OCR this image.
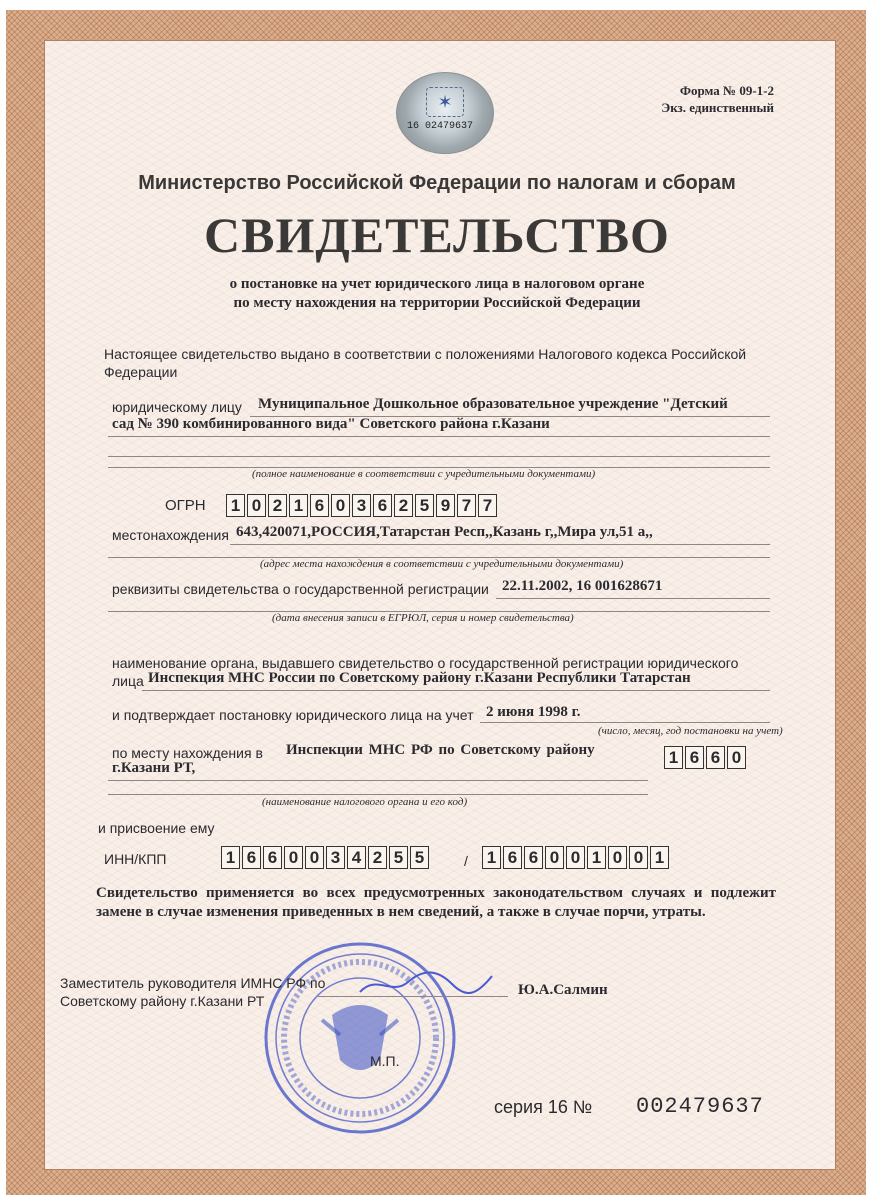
✶
16 02479637
Форма № 09-1-2
Экз. единственный
Министерство Российской Федерации по налогам и сборам
СВИДЕТЕЛЬСТВО
о постановке на учет юридического лица в налоговом органе
по месту нахождения на территории Российской Федерации
Настоящее свидетельство выдано в соответствии с положениями Налогового кодекса Российской
Федерации
юридическому лицу Муниципальное Дошкольное образовательное учреждение "Детский
сад № 390 комбинированного вида" Советского района г.Казани
(полное наименование в соответствии с учредительными документами)
ОГРН 1 0 2 1 6 0 3 6 2 5 9 7 7
местонахождения 643,420071,РОССИЯ,Татарстан Респ,,Казань г,,Мира ул,51 а,,
(адрес места нахождения в соответствии с учредительными документами)
реквизиты свидетельства о государственной регистрации 22.11.2002, 16 001628671
(дата внесения записи в ЕГРЮЛ, серия и номер свидетельства)
наименование органа, выдавшего свидетельство о государственной регистрации юридического
лица Инспекция МНС России по Советскому району г.Казани Республики Татарстан
и подтверждает постановку юридического лица на учет 2 июня 1998 г.
(число, месяц, год постановки на учет)
по месту нахождения в Инспекции МНС РФ по Советскому району
г.Казани РТ,
1 6 6 0
(наименование налогового органа и его код)
и присвоение ему
ИНН/КПП	1 6 6 0 0 3 4 2 5 5	/ 1 6 6 0 0 1 0 0 1
Свидетельство применяется во всех предусмотренных законодательством случаях и подлежит замене в случае изменения приведенных в нем сведений, а также в случае порчи, утраты.
Заместитель руководителя ИМНС РФ по
Советскому району г.Казани РТ
Ю.А.Салмин
М.П.
серия 16 № 002479637
